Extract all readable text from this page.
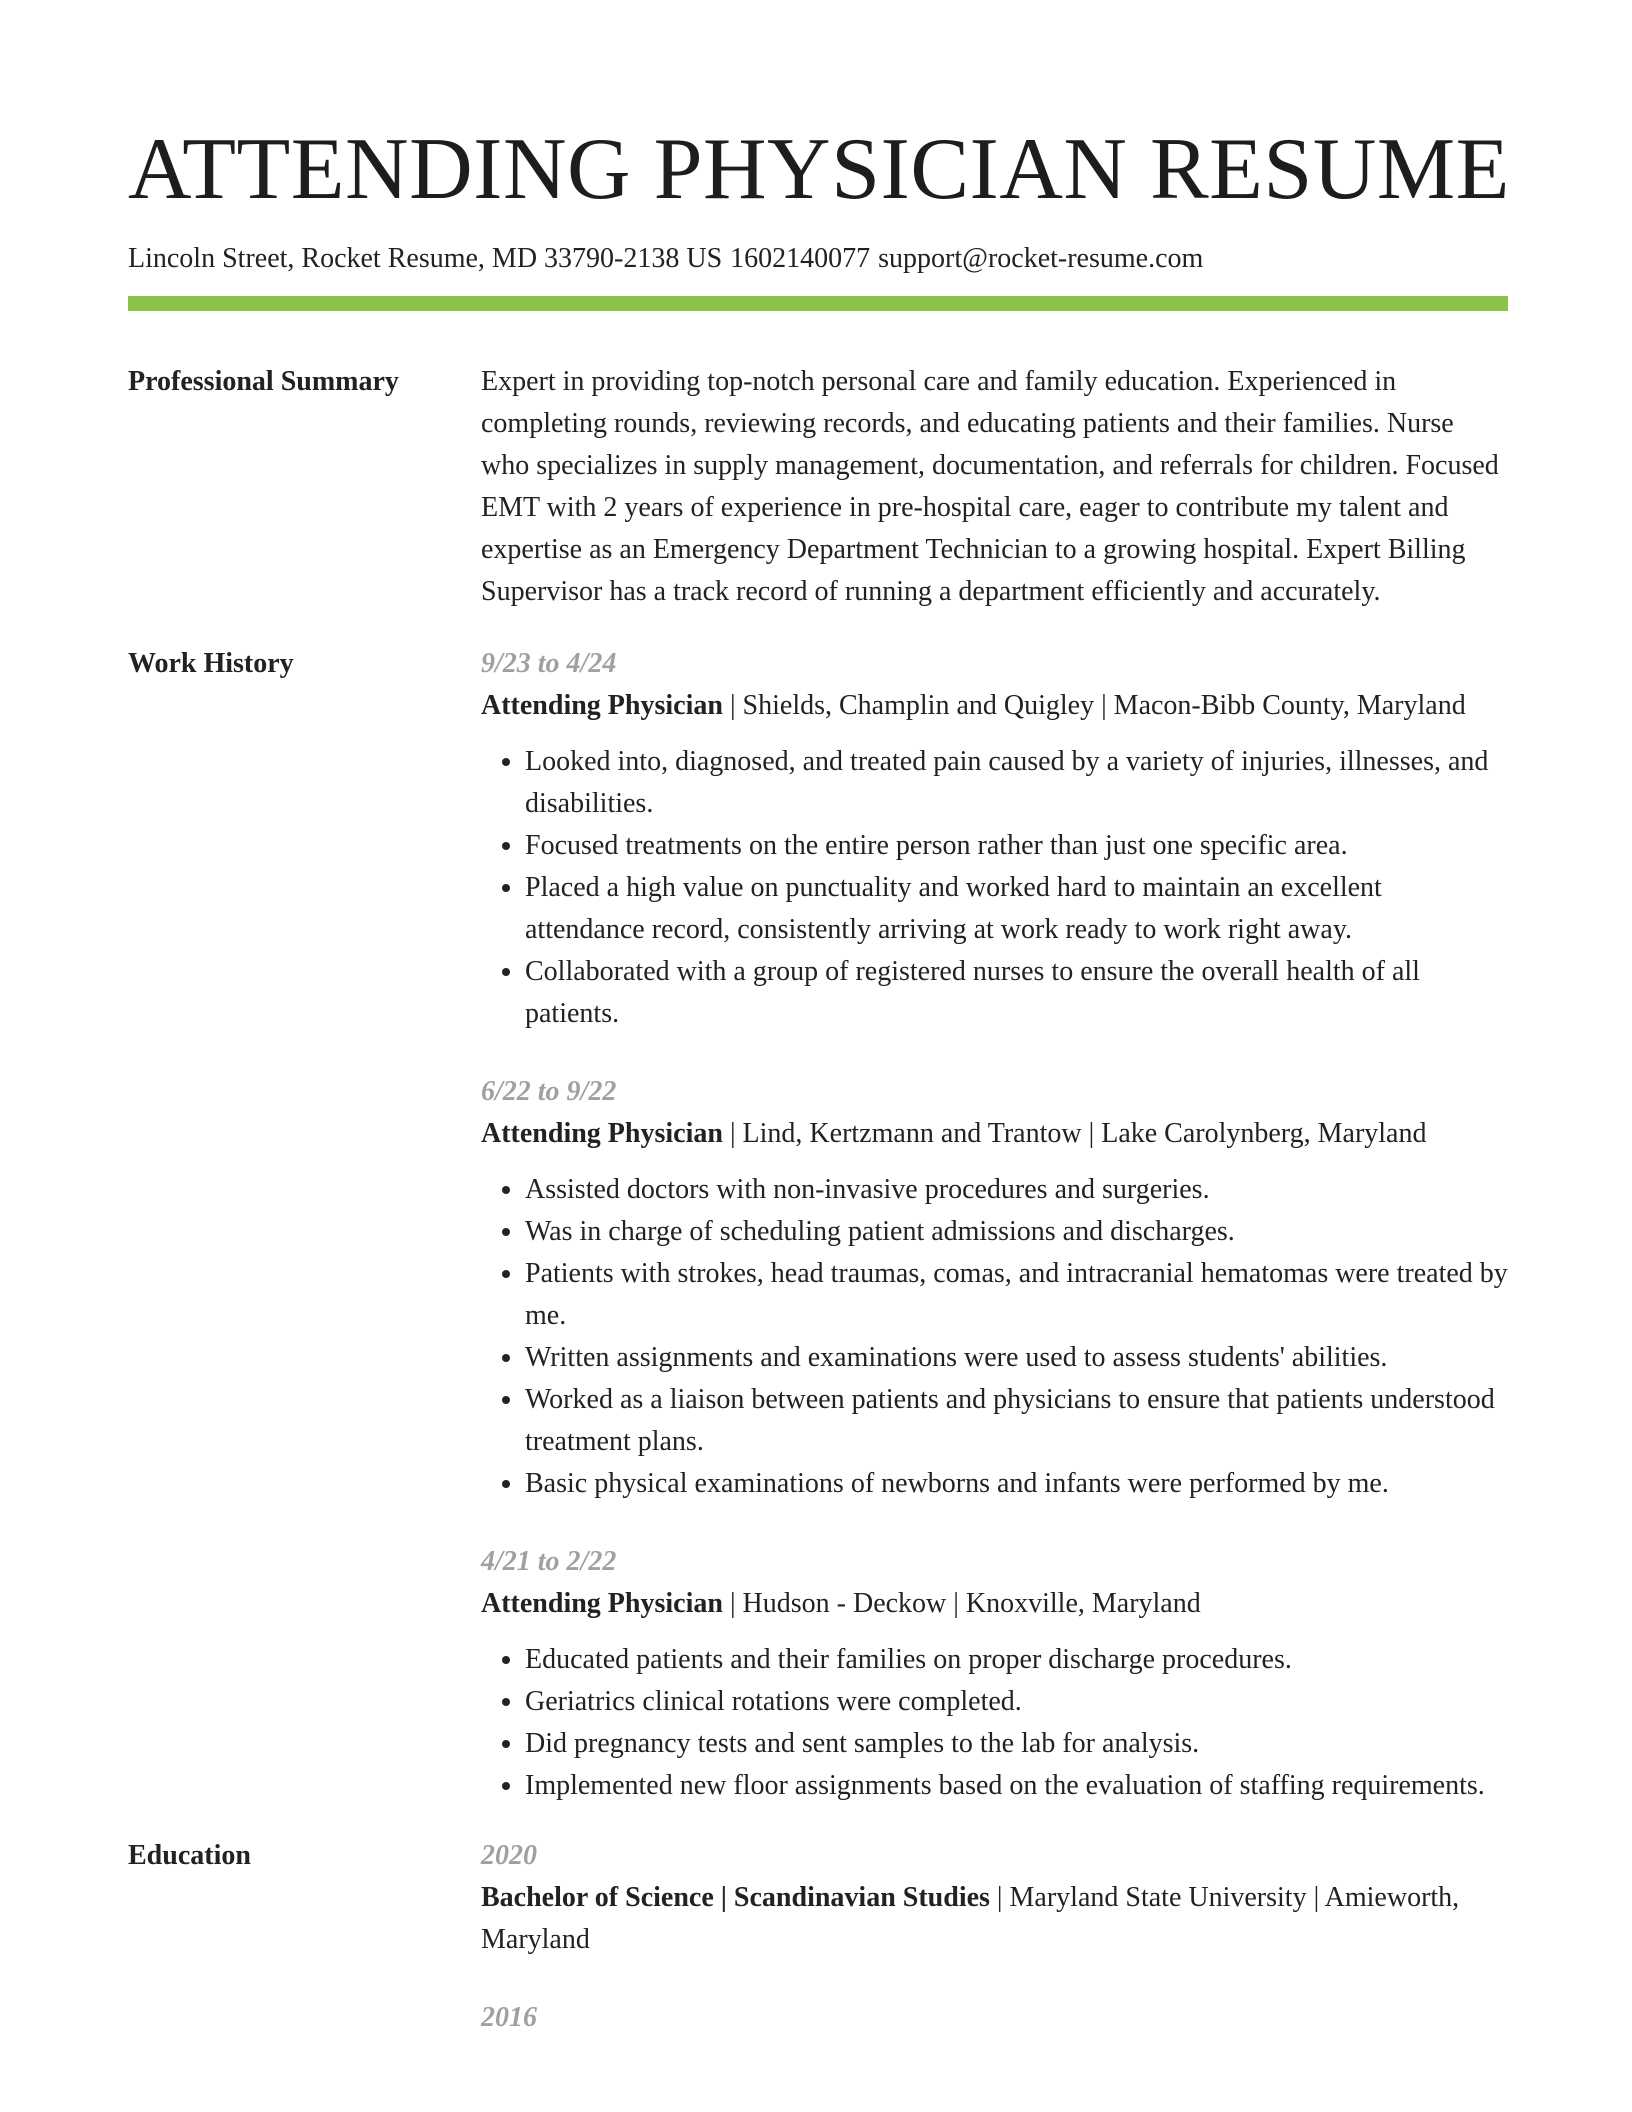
ATTENDING PHYSICIAN RESUME
Lincoln Street, Rocket Resume, MD 33790-2138 US 1602140077 support@rocket-resume.com
Professional Summary	Expert in providing top-notch personal care and family education. Experienced in completing rounds, reviewing records, and educating patients and their families. Nurse who specializes in supply management, documentation, and referrals for children. Focused EMT with 2 years of experience in pre-hospital care, eager to contribute my talent and expertise as an Emergency Department Technician to a growing hospital. Expert Billing Supervisor has a track record of running a department efficiently and accurately.

Work History	9/23 to 4/24
Attending Physician | Shields, Champlin and Quigley | Macon-Bibb County, Maryland
• Looked into, diagnosed, and treated pain caused by a variety of injuries, illnesses, and disabilities.
• Focused treatments on the entire person rather than just one specific area.
• Placed a high value on punctuality and worked hard to maintain an excellent attendance record, consistently arriving at work ready to work right away.
• Collaborated with a group of registered nurses to ensure the overall health of all patients.
6/22 to 9/22
Attending Physician | Lind, Kertzmann and Trantow | Lake Carolynberg, Maryland
• Assisted doctors with non-invasive procedures and surgeries.
• Was in charge of scheduling patient admissions and discharges.
• Patients with strokes, head traumas, comas, and intracranial hematomas were treated by me.
• Written assignments and examinations were used to assess students' abilities.
• Worked as a liaison between patients and physicians to ensure that patients understood treatment plans.
• Basic physical examinations of newborns and infants were performed by me.
4/21 to 2/22
Attending Physician | Hudson - Deckow | Knoxville, Maryland
• Educated patients and their families on proper discharge procedures.
• Geriatrics clinical rotations were completed.
• Did pregnancy tests and sent samples to the lab for analysis.
• Implemented new floor assignments based on the evaluation of staffing requirements.
Education	2020
Bachelor of Science | Scandinavian Studies | Maryland State University | Amieworth, Maryland
2016
